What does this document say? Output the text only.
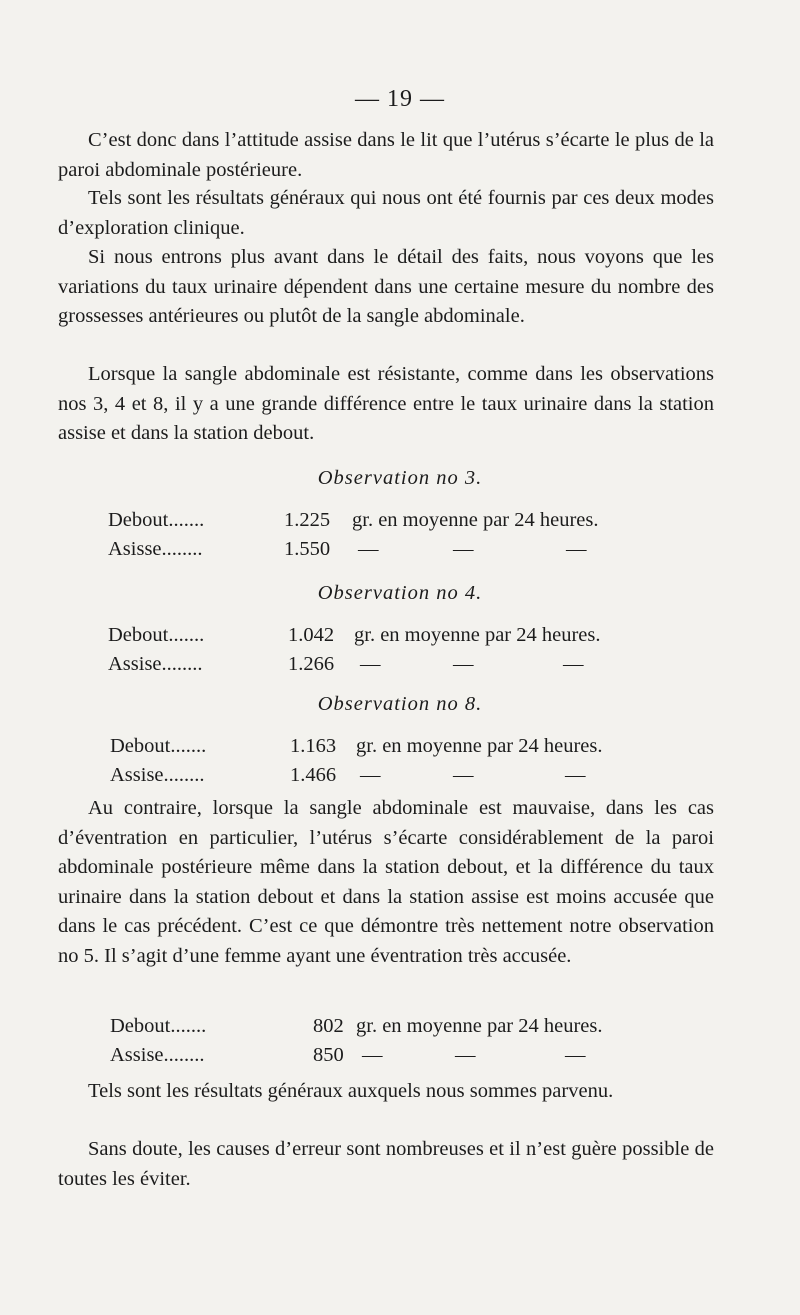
— 19 —

C’est donc dans l’attitude assise dans le lit que l’utérus s’écarte le plus de la paroi abdominale postérieure.

Tels sont les résultats généraux qui nous ont été fournis par ces deux modes d’exploration clinique.

Si nous entrons plus avant dans le détail des faits, nous voyons que les variations du taux urinaire dépendent dans une certaine mesure du nombre des grossesses antérieures ou plutôt de la sangle abdominale.

Lorsque la sangle abdominale est résistante, comme dans les observations nos 3, 4 et 8, il y a une grande différence entre le taux urinaire dans la station assise et dans la station debout.

Observation no 3.
Debout.......	1.225 gr. en moyenne par 24 heures.
Asisse........	1.550 —	—	—
Observation no 4.
Debout.......	1.042 gr. en moyenne par 24 heures.
Assise........	1.266 —	—	—
Observation no 8.
Debout.......	1.163 gr. en moyenne par 24 heures.
Assise........	1.466 —	—	—

Au contraire, lorsque la sangle abdominale est mauvaise, dans les cas d’éventration en particulier, l’utérus s’écarte considérablement de la paroi abdominale postérieure même dans la station debout, et la différence du taux urinaire dans la station debout et dans la station assise est moins accusée que dans le cas précédent. C’est ce que démontre très nettement notre observation no 5. Il s’agit d’une femme ayant une éventration très accusée.

Debout.......	802 gr. en moyenne par 24 heures.
Assise........	850 —	—	—

Tels sont les résultats généraux auxquels nous sommes parvenu.

Sans doute, les causes d’erreur sont nombreuses et il n’est guère possible de toutes les éviter.
